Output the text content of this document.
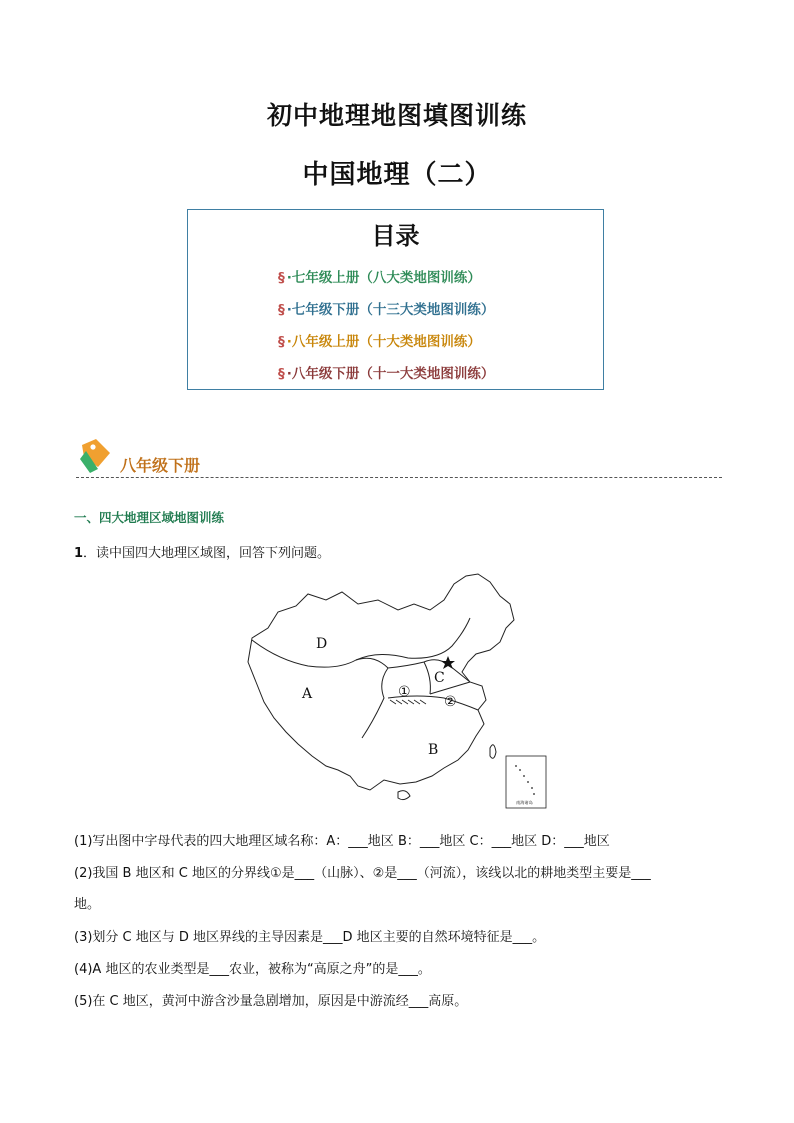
初中地理地图填图训练
中国地理（二）
目录
§ ·七年级上册（八大类地图训练）
§ ·七年级下册（十三大类地图训练）
§ ·八年级上册（十大类地图训练）
§ ·八年级下册（十一大类地图训练）
八年级下册
一、四大地理区域地图训练
1．读中国四大地理区域图，回答下列问题。
D
A
C
B
①
②
南海诸岛
(1)写出图中字母代表的四大地理区域名称：A：___地区 B：___地区 C：___地区 D：___地区
(2)我国 B 地区和 C 地区的分界线①是___（山脉）、②是___（河流），该线以北的耕地类型主要是___
地。
(3)划分 C 地区与 D 地区界线的主导因素是___D 地区主要的自然环境特征是___。
(4)A 地区的农业类型是___农业，被称为“高原之舟”的是___。
(5)在 C 地区，黄河中游含沙量急剧增加，原因是中游流经___高原。
